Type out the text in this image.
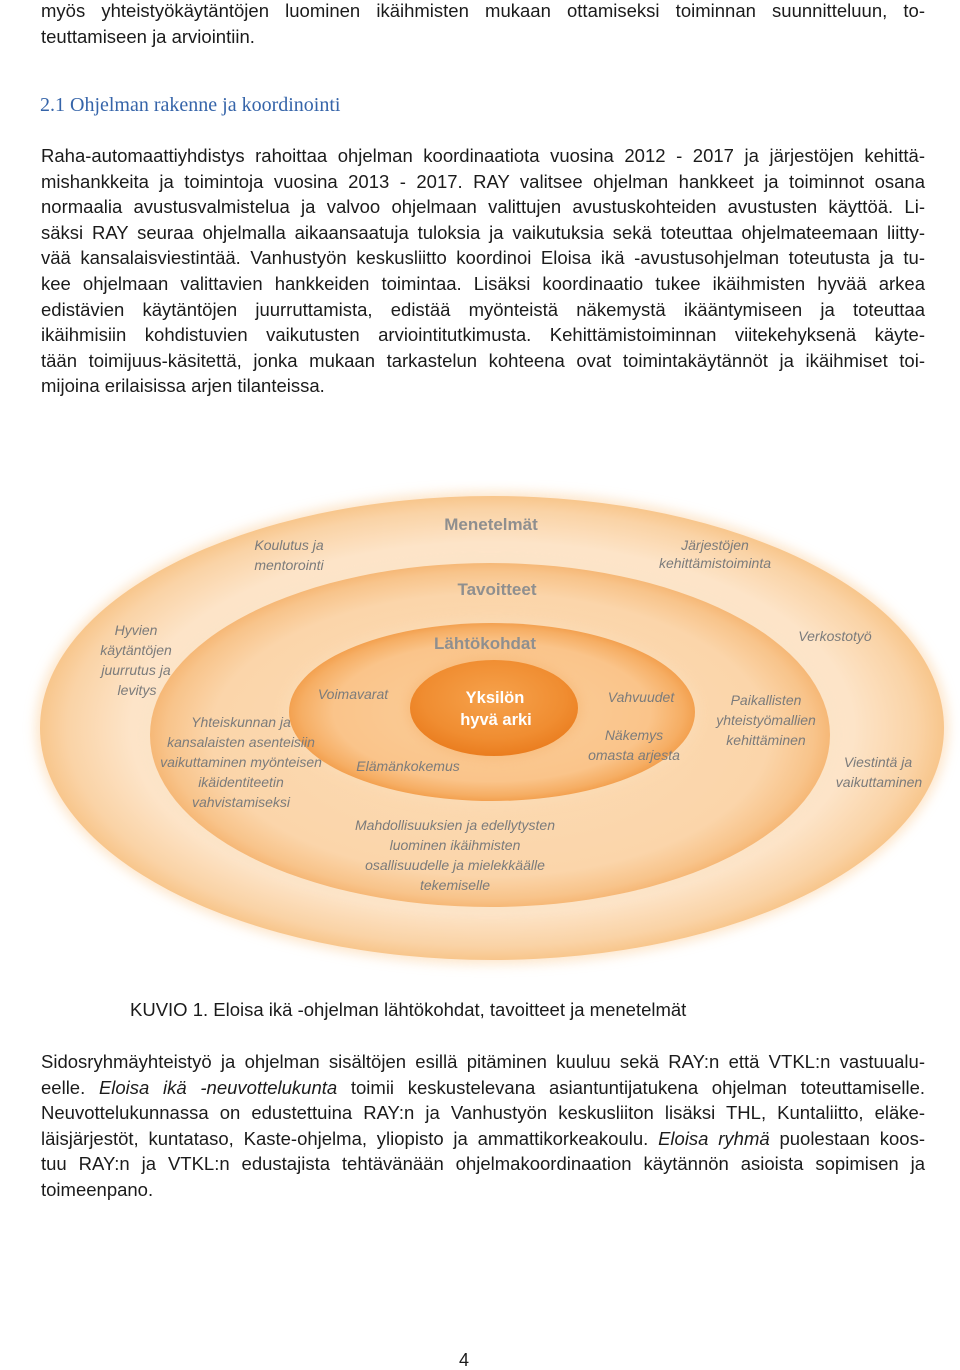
myös yhteistyökäytäntöjen luominen ikäihmisten mukaan ottamiseksi toiminnan suunnitteluun, to-
teuttamiseen ja arviointiin.
2.1 Ohjelman rakenne ja koordinointi
Raha-automaattiyhdistys rahoittaa ohjelman koordinaatiota vuosina 2012 - 2017 ja järjestöjen kehittä-
mishankkeita ja toimintoja vuosina 2013 - 2017. RAY valitsee ohjelman hankkeet ja toiminnot osana
normaalia avustusvalmistelua ja valvoo ohjelmaan valittujen avustuskohteiden avustusten käyttöä. Li-
säksi RAY seuraa ohjelmalla aikaansaatuja tuloksia ja vaikutuksia sekä toteuttaa ohjelmateemaan liitty-
vää kansalaisviestintää. Vanhustyön keskusliitto koordinoi Eloisa ikä -avustusohjelman toteutusta ja tu-
kee ohjelmaan valittavien hankkeiden toimintaa. Lisäksi koordinaatio tukee ikäihmisten hyvää arkea
edistävien käytäntöjen juurruttamista, edistää myönteistä näkemystä ikääntymiseen ja toteuttaa
ikäihmisiin kohdistuvien vaikutusten arviointitutkimusta. Kehittämistoiminnan viitekehyksenä käyte-
tään toimijuus-käsitettä, jonka mukaan tarkastelun kohteena ovat toimintakäytännöt ja ikäihmiset toi-
mijoina erilaisissa arjen tilanteissa.
Menetelmät
Tavoitteet
Lähtökohdat
Yksilön
hyvä arki
Koulutus ja
mentorointi
Järjestöjen
kehittämistoiminta
Hyvien
käytäntöjen
juurrutus ja
levitys
Verkostotyö
Viestintä ja
vaikuttaminen
Yhteiskunnan ja
kansalaisten asenteisiin
vaikuttaminen myönteisen
ikäidentiteetin
vahvistamiseksi
Paikallisten
yhteistyömallien
kehittäminen
Mahdollisuuksien ja edellytysten
luominen ikäihmisten
osallisuudelle ja mielekkäälle
tekemiselle
Voimavarat	Vahvuudet
Näkemys
omasta arjesta
Elämänkokemus
KUVIO 1. Eloisa ikä -ohjelman lähtökohdat, tavoitteet ja menetelmät
Sidosryhmäyhteistyö ja ohjelman sisältöjen esillä pitäminen kuuluu sekä RAY:n että VTKL:n vastuualu-
eelle. Eloisa ikä -neuvottelukunta toimii keskustelevana asiantuntijatukena ohjelman toteuttamiselle.
Neuvottelukunnassa on edustettuina RAY:n ja Vanhustyön keskusliiton lisäksi THL, Kuntaliitto, eläke-
läisjärjestöt, kuntataso, Kaste-ohjelma, yliopisto ja ammattikorkeakoulu. Eloisa ryhmä puolestaan koos-
tuu RAY:n ja VTKL:n edustajista tehtävänään ohjelmakoordinaation käytännön asioista sopimisen ja
toimeenpano.
4
